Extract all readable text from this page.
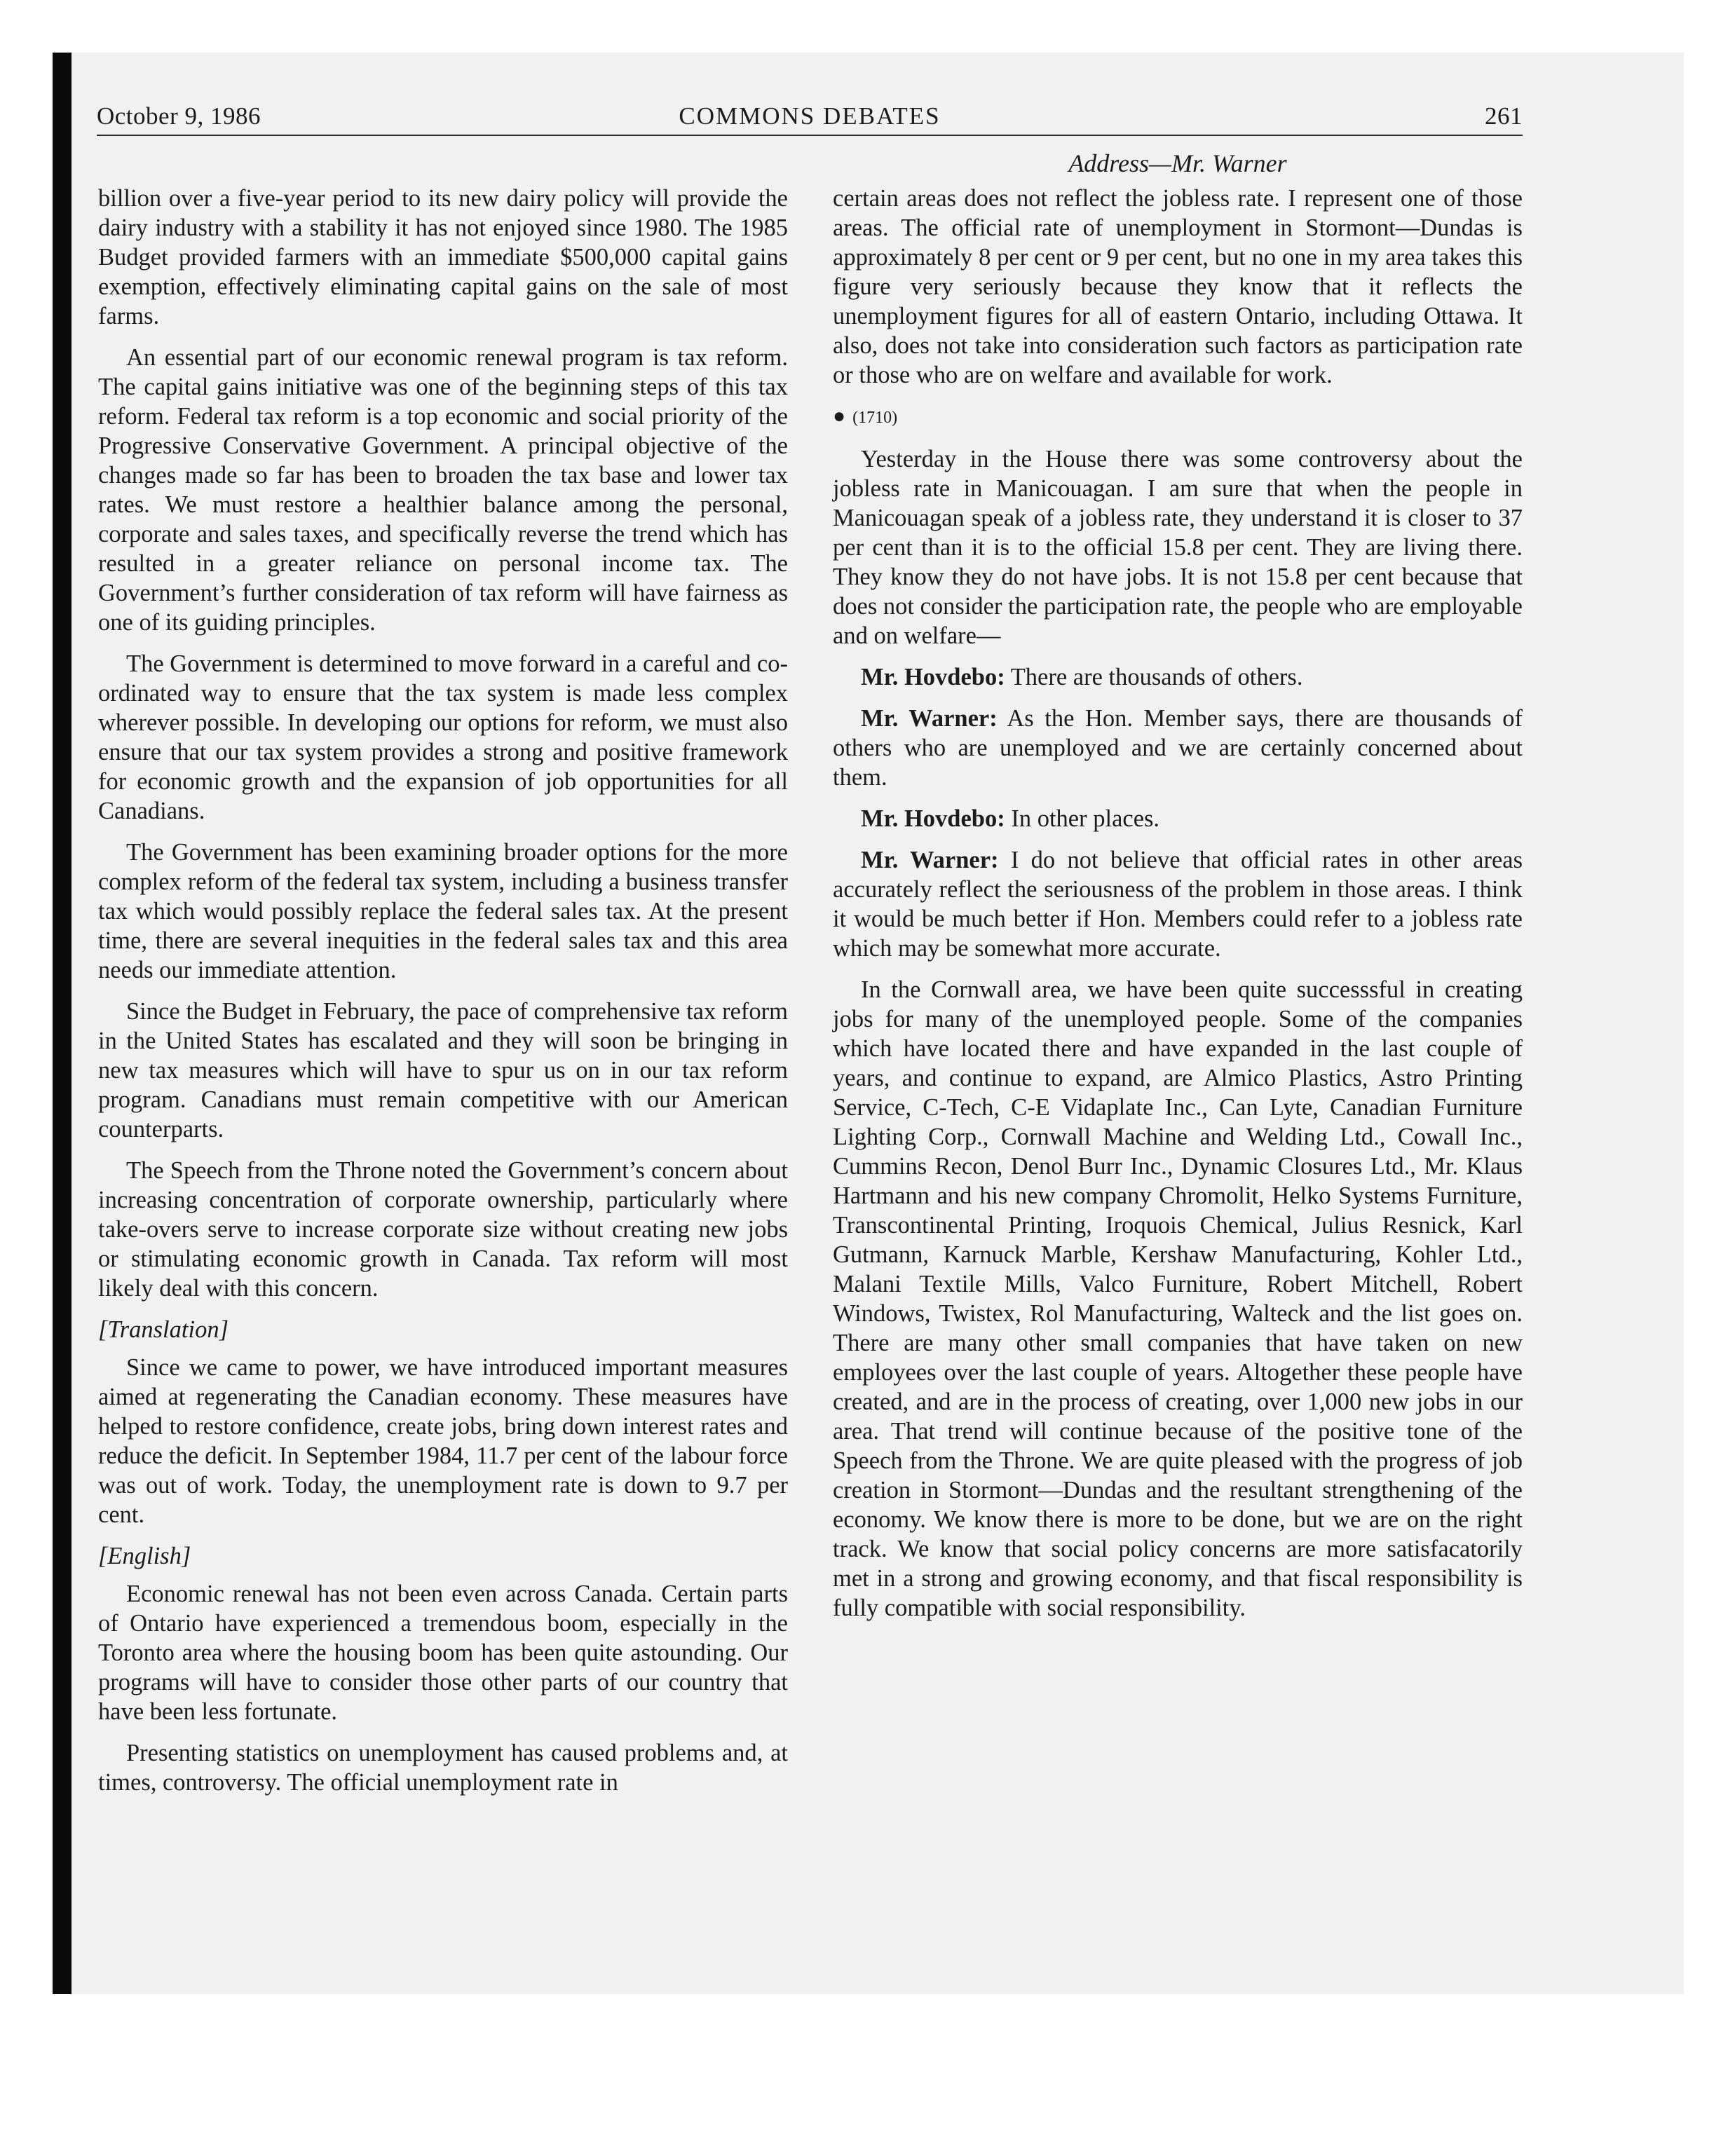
October 9, 1986	COMMONS DEBATES	261
Address—Mr. Warner

billion over a five-year period to its new dairy policy will provide the dairy industry with a stability it has not enjoyed since 1980. The 1985 Budget provided farmers with an immediate $500,000 capital gains exemption, effectively eliminating capital gains on the sale of most farms.

An essential part of our economic renewal program is tax reform. The capital gains initiative was one of the beginning steps of this tax reform. Federal tax reform is a top economic and social priority of the Progressive Conservative Government. A principal objective of the changes made so far has been to broaden the tax base and lower tax rates. We must restore a healthier balance among the personal, corporate and sales taxes, and specifically reverse the trend which has resulted in a greater reliance on personal income tax. The Government’s further consideration of tax reform will have fairness as one of its guiding principles.

The Government is determined to move forward in a careful and co-ordinated way to ensure that the tax system is made less complex wherever possible. In developing our options for reform, we must also ensure that our tax system provides a strong and positive framework for economic growth and the expansion of job opportunities for all Canadians.

The Government has been examining broader options for the more complex reform of the federal tax system, including a business transfer tax which would possibly replace the federal sales tax. At the present time, there are several inequities in the federal sales tax and this area needs our immediate attention.

Since the Budget in February, the pace of comprehensive tax reform in the United States has escalated and they will soon be bringing in new tax measures which will have to spur us on in our tax reform program. Canadians must remain competitive with our American counterparts.

The Speech from the Throne noted the Government’s concern about increasing concentration of corporate ownership, particularly where take-overs serve to increase corporate size without creating new jobs or stimulating economic growth in Canada. Tax reform will most likely deal with this concern.

[Translation]

Since we came to power, we have introduced important measures aimed at regenerating the Canadian economy. These measures have helped to restore confidence, create jobs, bring down interest rates and reduce the deficit. In September 1984, 11.7 per cent of the labour force was out of work. Today, the unemployment rate is down to 9.7 per cent.

[English]

Economic renewal has not been even across Canada. Certain parts of Ontario have experienced a tremendous boom, especially in the Toronto area where the housing boom has been quite astounding. Our programs will have to consider those other parts of our country that have been less fortunate.

Presenting statistics on unemployment has caused problems and, at times, controversy. The official unemployment rate in

certain areas does not reflect the jobless rate. I represent one of those areas. The official rate of unemployment in Stormont—Dundas is approximately 8 per cent or 9 per cent, but no one in my area takes this figure very seriously because they know that it reflects the unemployment figures for all of eastern Ontario, including Ottawa. It also, does not take into consideration such factors as participation rate or those who are on welfare and available for work.

● (1710)

Yesterday in the House there was some controversy about the jobless rate in Manicouagan. I am sure that when the people in Manicouagan speak of a jobless rate, they understand it is closer to 37 per cent than it is to the official 15.8 per cent. They are living there. They know they do not have jobs. It is not 15.8 per cent because that does not consider the participation rate, the people who are employable and on welfare—

Mr. Hovdebo: There are thousands of others.

Mr. Warner: As the Hon. Member says, there are thousands of others who are unemployed and we are certainly concerned about them.

Mr. Hovdebo: In other places.

Mr. Warner: I do not believe that official rates in other areas accurately reflect the seriousness of the problem in those areas. I think it would be much better if Hon. Members could refer to a jobless rate which may be somewhat more accurate.

In the Cornwall area, we have been quite successsful in creating jobs for many of the unemployed people. Some of the companies which have located there and have expanded in the last couple of years, and continue to expand, are Almico Plastics, Astro Printing Service, C-Tech, C-E Vidaplate Inc., Can Lyte, Canadian Furniture Lighting Corp., Cornwall Machine and Welding Ltd., Cowall Inc., Cummins Recon, Denol Burr Inc., Dynamic Closures Ltd., Mr. Klaus Hartmann and his new company Chromolit, Helko Systems Furniture, Transcontinental Printing, Iroquois Chemical, Julius Resnick, Karl Gutmann, Karnuck Marble, Kershaw Manufacturing, Kohler Ltd., Malani Textile Mills, Valco Furniture, Robert Mitchell, Robert Windows, Twistex, Rol Manufacturing, Walteck and the list goes on. There are many other small companies that have taken on new employees over the last couple of years. Altogether these people have created, and are in the process of creating, over 1,000 new jobs in our area. That trend will continue because of the positive tone of the Speech from the Throne. We are quite pleased with the progress of job creation in Stormont—Dundas and the resultant strengthening of the economy. We know there is more to be done, but we are on the right track. We know that social policy concerns are more satisfacatorily met in a strong and growing economy, and that fiscal responsibility is fully compatible with social responsibility.
